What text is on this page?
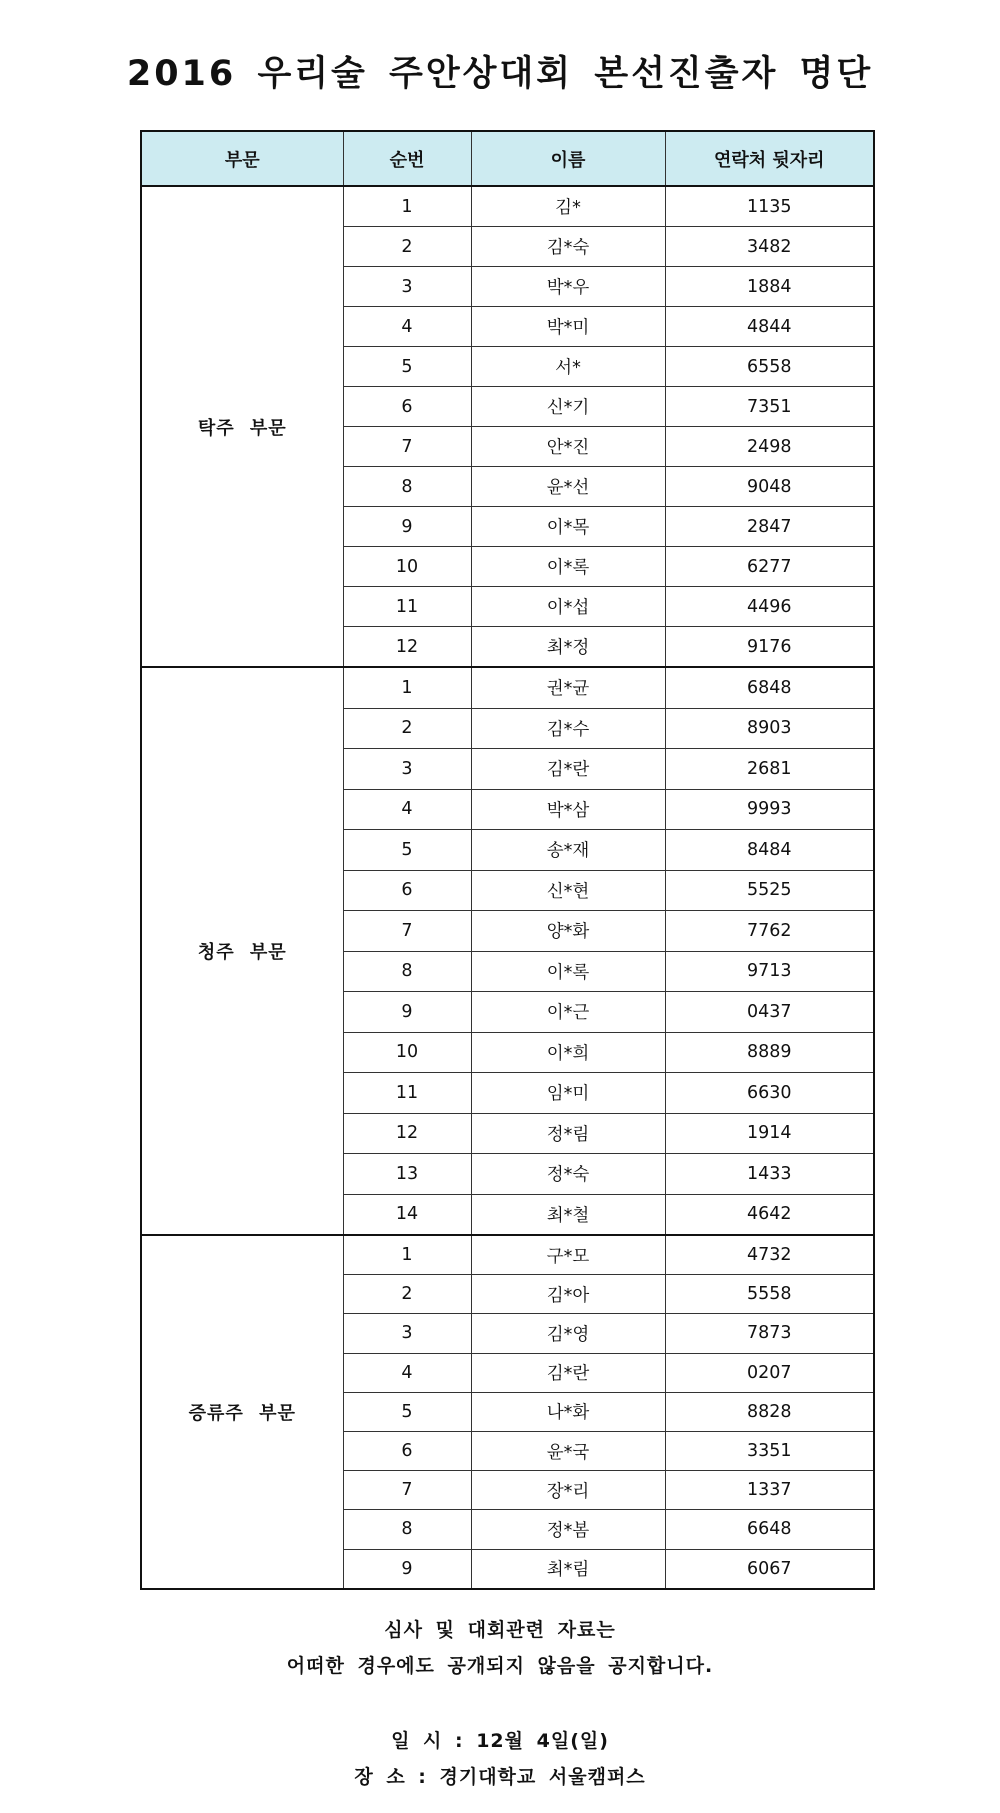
2016 우리술 주안상대회 본선진출자 명단
부문	순번	이름	연락처 뒷자리
탁주 부문	1	김*	1135
	2	김*숙	3482
	3	박*우	1884
	4	박*미	4844
	5	서*	6558
	6	신*기	7351
	7	안*진	2498
	8	윤*선	9048
	9	이*목	2847
	10	이*록	6277
	11	이*섭	4496
	12	최*정	9176
청주 부문	1	권*균	6848
	2	김*수	8903
	3	김*란	2681
	4	박*삼	9993
	5	송*재	8484
	6	신*현	5525
	7	양*화	7762
	8	이*록	9713
	9	이*근	0437
	10	이*희	8889
	11	임*미	6630
	12	정*림	1914
	13	정*숙	1433
	14	최*철	4642
증류주 부문	1	구*모	4732
	2	김*아	5558
	3	김*영	7873
	4	김*란	0207
	5	나*화	8828
	6	윤*국	3351
	7	장*리	1337
	8	정*봄	6648
	9	최*림	6067

심사 및 대회관련 자료는

어떠한 경우에도 공개되지 않음을 공지합니다.

일 시 : 12월 4일(일)

장 소 : 경기대학교 서울캠퍼스
